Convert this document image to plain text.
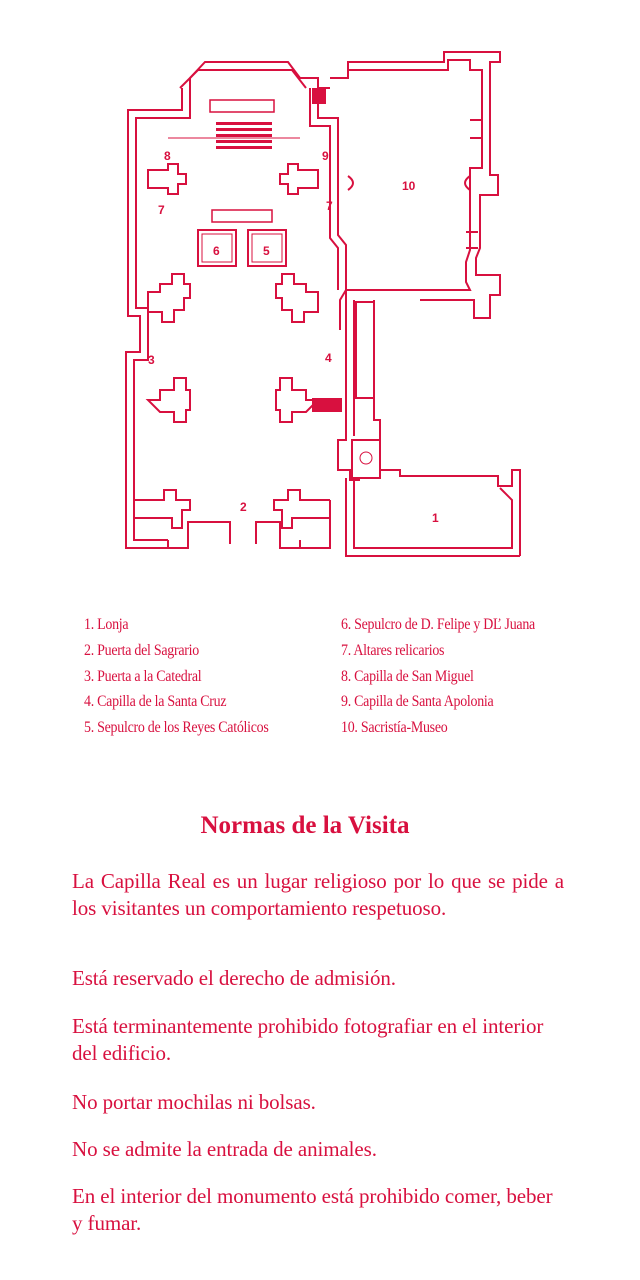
1
2
3	4
5
6
7	7
8	9
10
1. Lonja
2. Puerta del Sagrario
3. Puerta a la Catedral
4. Capilla de la Santa Cruz
5. Sepulcro de los Reyes Católicos
6. Sepulcro de D. Felipe y DĽ Juana
7. Altares relicarios
8. Capilla de San Miguel
9. Capilla de Santa Apolonia
10. Sacristía-Museo
Normas de la Visita

La Capilla Real es un lugar religioso por lo que se pide a los visitantes un comportamiento respetuoso.

Está reservado el derecho de admisión.

Está terminantemente prohibido fotografiar en el interior del edificio.

No portar mochilas ni bolsas.

No se admite la entrada de animales.

En el interior del monumento está prohibido comer, beber y fumar.
